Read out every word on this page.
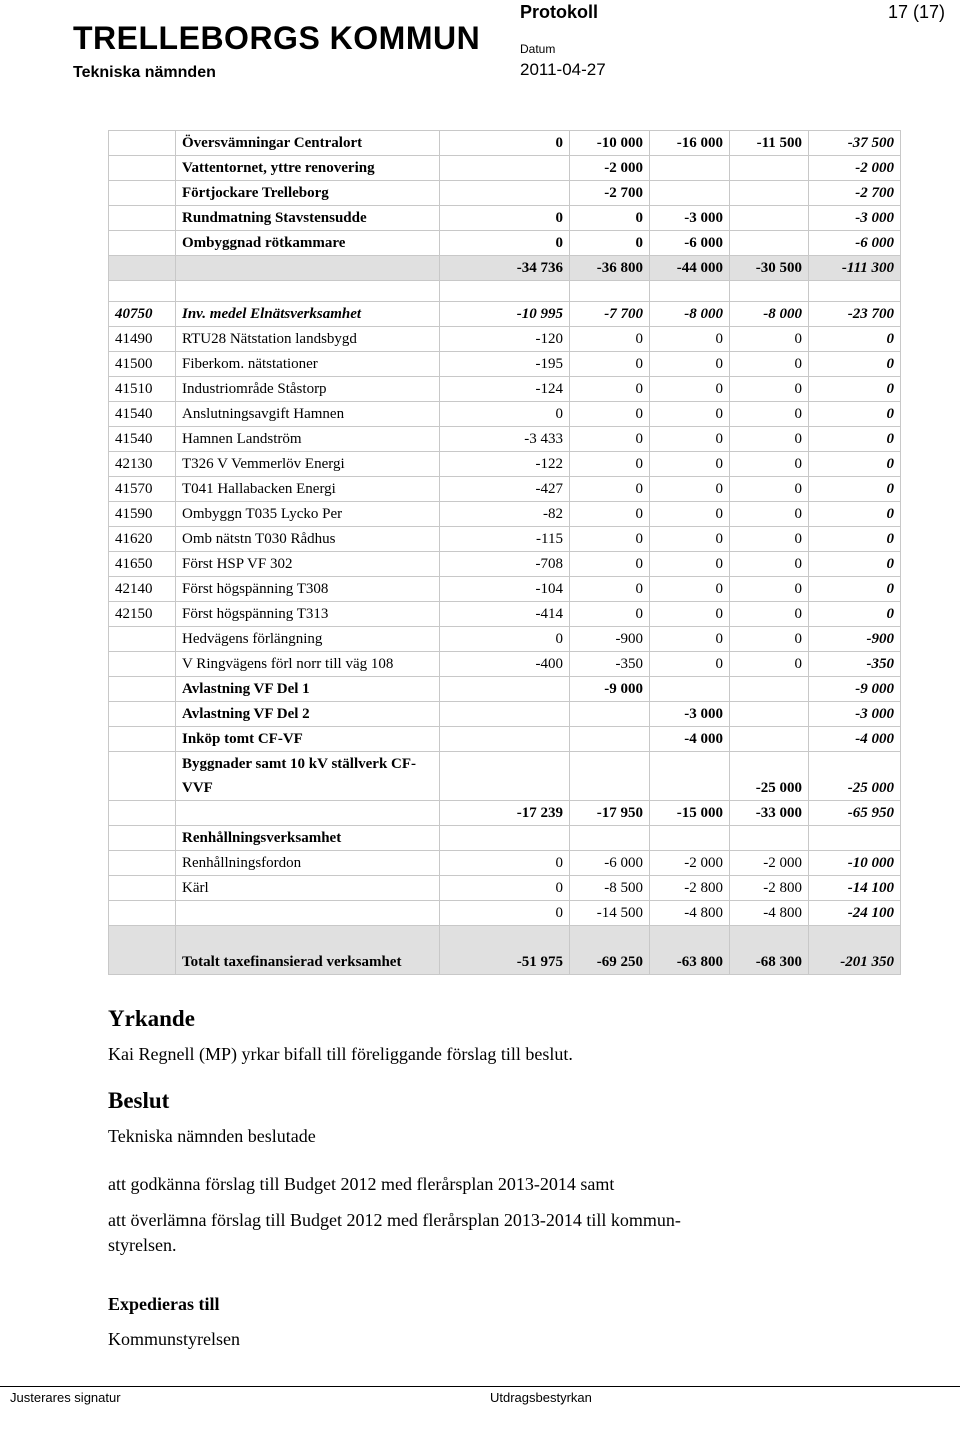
TRELLEBORGS KOMMUN
Tekniska nämnden
Protokoll	17 (17)
Datum
2011-04-27
	Översvämningar Centralort	0	-10 000	-16 000	-11 500	-37 500
	Vattentornet, yttre renovering		-2 000			-2 000
	Förtjockare Trelleborg		-2 700			-2 700
	Rundmatning Stavstensudde	0	0	-3 000		-3 000
	Ombyggnad rötkammare	0	0	-6 000		-6 000
		-34 736	-36 800	-44 000	-30 500	-111 300

40750	Inv. medel Elnätsverksamhet	-10 995	-7 700	-8 000	-8 000	-23 700
41490	RTU28 Nätstation landsbygd	-120	0	0	0	0
41500	Fiberkom. nätstationer	-195	0	0	0	0
41510	Industriområde Ståstorp	-124	0	0	0	0
41540	Anslutningsavgift Hamnen	0	0	0	0	0
41540	Hamnen Landström	-3 433	0	0	0	0
42130	T326 V Vemmerlöv Energi	-122	0	0	0	0
41570	T041 Hallabacken Energi	-427	0	0	0	0
41590	Ombyggn T035 Lycko Per	-82	0	0	0	0
41620	Omb nätstn T030 Rådhus	-115	0	0	0	0
41650	Först HSP VF 302	-708	0	0	0	0
42140	Först högspänning T308	-104	0	0	0	0
42150	Först högspänning T313	-414	0	0	0	0
	Hedvägens förlängning	0	-900	0	0	-900
	V Ringvägens förl norr till väg 108	-400	-350	0	0	-350
	Avlastning VF Del 1		-9 000			-9 000
	Avlastning VF Del 2			-3 000		-3 000
	Inköp tomt CF-VF			-4 000		-4 000
	Byggnader samt 10 kV ställverk CF-VVF				-25 000	-25 000
		-17 239	-17 950	-15 000	-33 000	-65 950
	Renhållningsverksamhet					
	Renhållningsfordon	0	-6 000	-2 000	-2 000	-10 000
	Kärl	0	-8 500	-2 800	-2 800	-14 100
		0	-14 500	-4 800	-4 800	-24 100
	Totalt taxefinansierad verksamhet	-51 975	-69 250	-63 800	-68 300	-201 350
Yrkande
Kai Regnell (MP) yrkar bifall till föreliggande förslag till beslut.
Beslut
Tekniska nämnden beslutade
att godkänna förslag till Budget 2012 med flerårsplan 2013-2014 samt
att överlämna förslag till Budget 2012 med flerårsplan 2013-2014 till kommun-
styrelsen.
Expedieras till
Kommunstyrelsen
Justerares signatur	Utdragsbestyrkan
